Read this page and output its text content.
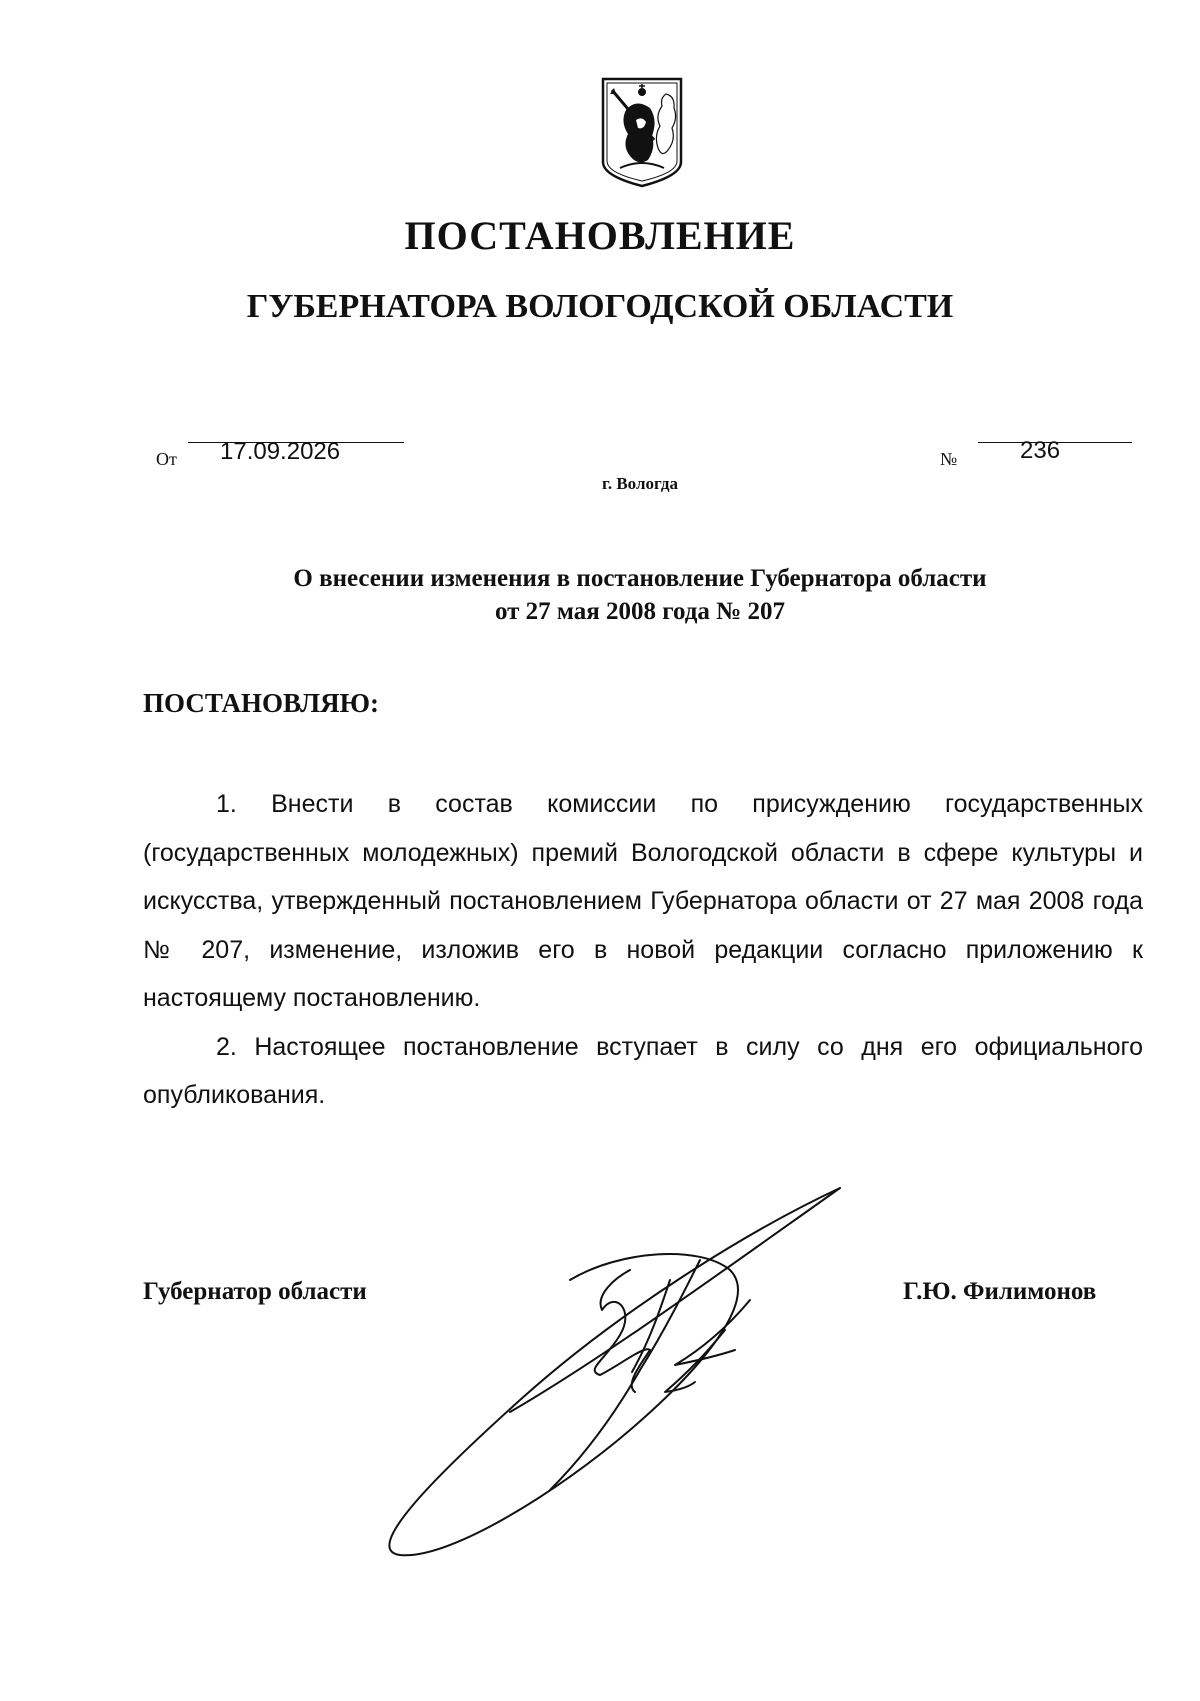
ПОСТАНОВЛЕНИЕ
ГУБЕРНАТОРА ВОЛОГОДСКОЙ ОБЛАСТИ
От 17.09.2026	№	236
г. Вологда
О внесении изменения в постановление Губернатора области
от 27 мая 2008 года № 207
ПОСТАНОВЛЯЮ:

1. Внести в состав комиссии по присуждению государственных (государственных молодежных) премий Вологодской области в сфере культуры и искусства, утвержденный постановлением Губернатора области от 27 мая 2008 года № 207, изменение, изложив его в новой редакции согласно приложению к настоящему постановлению.

2. Настоящее постановление вступает в силу со дня его официального опубликования.

Губернатор области	Г.Ю. Филимонов
